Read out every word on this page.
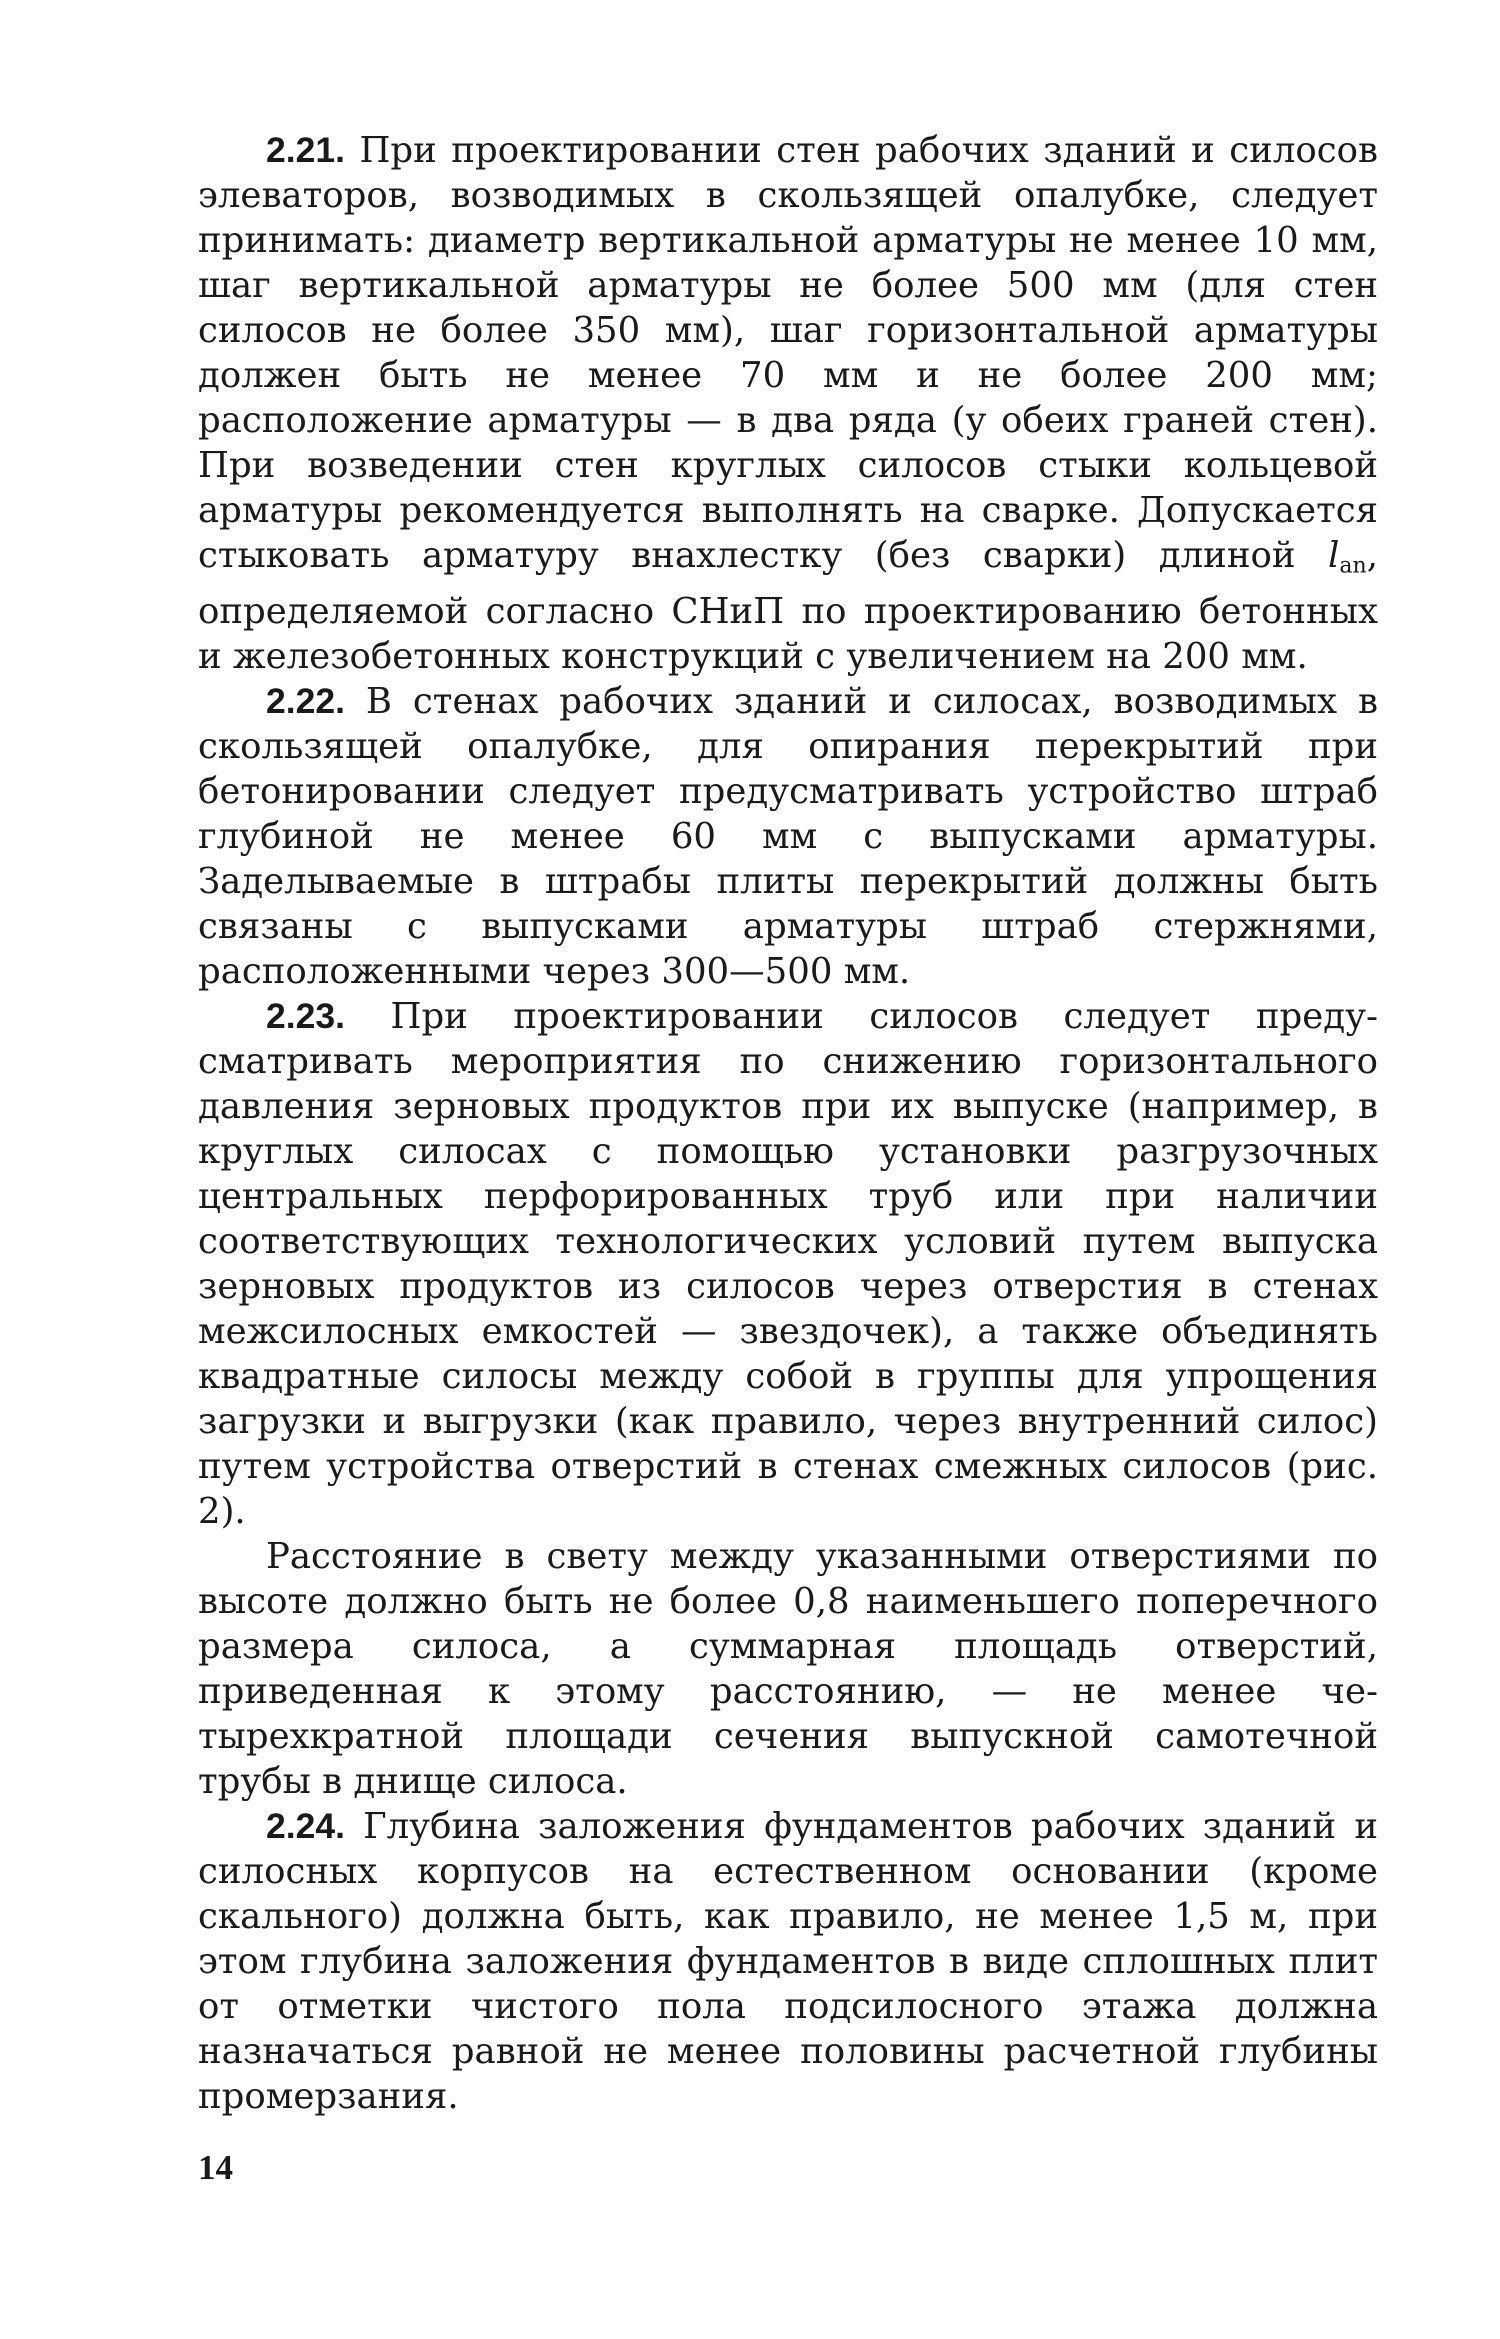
2.21. При проектировании стен рабочих зданий и силосов элеваторов, возводимых в скользящей опалубке, следует принимать: диаметр вертикальной арматуры не менее 10 мм, шаг вертикальной арматуры не более 500 мм (для стен силосов не более 350 мм), шаг горизонтальной арматуры должен быть не менее 70 мм и не более 200 мм; расположение арматуры — в два ряда (у обеих граней стен). При возведении стен круглых силосов стыки кольцевой арматуры рекомендуется выполнять на сварке. Допускается стыковать арматуру внахлестку (без сварки) длиной $l_{an}$, определяемой согласно СНиП по проектированию бетонных и железобетонных конструкций с увеличением на 200 мм.

2.22. В стенах рабочих зданий и силосах, возводимых в скользящей опалубке, для опирания перекрытий при бетонировании следует предусматривать устройство штраб глубиной не менее 60 мм с выпусками арматуры. Заделываемые в штрабы плиты перекрытий должны быть связаны с выпусками арматуры штраб стержнями, расположенными через 300—500 мм.

2.23. При проектировании силосов следует предусматривать мероприятия по снижению горизонтального давления зерновых продуктов при их выпуске (например, в круглых силосах с помощью установки разгрузочных центральных перфорированных труб или при наличии соответствующих технологических условий путем выпуска зерновых продуктов из силосов через отверстия в стенах межсилосных емкостей — звездочек), а также объединять квадратные силосы между собой в группы для упрощения загрузки и выгрузки (как правило, через внутренний силос) путем устройства отверстий в стенах смежных силосов (рис. 2).

Расстояние в свету между указанными отверстиями по высоте должно быть не более 0,8 наименьшего поперечного размера силоса, а суммарная площадь отверстий, приведенная к этому расстоянию, — не менее четырехкратной площади сечения выпускной самотечной трубы в днище силоса.

2.24. Глубина заложения фундаментов рабочих зданий и силосных корпусов на естественном основании (кроме скального) должна быть, как правило, не менее 1,5 м, при этом глубина заложения фундаментов в виде сплошных плит от отметки чистого пола подсилосного этажа должна назначаться равной не менее половины расчетной глубины промерзания.

14
